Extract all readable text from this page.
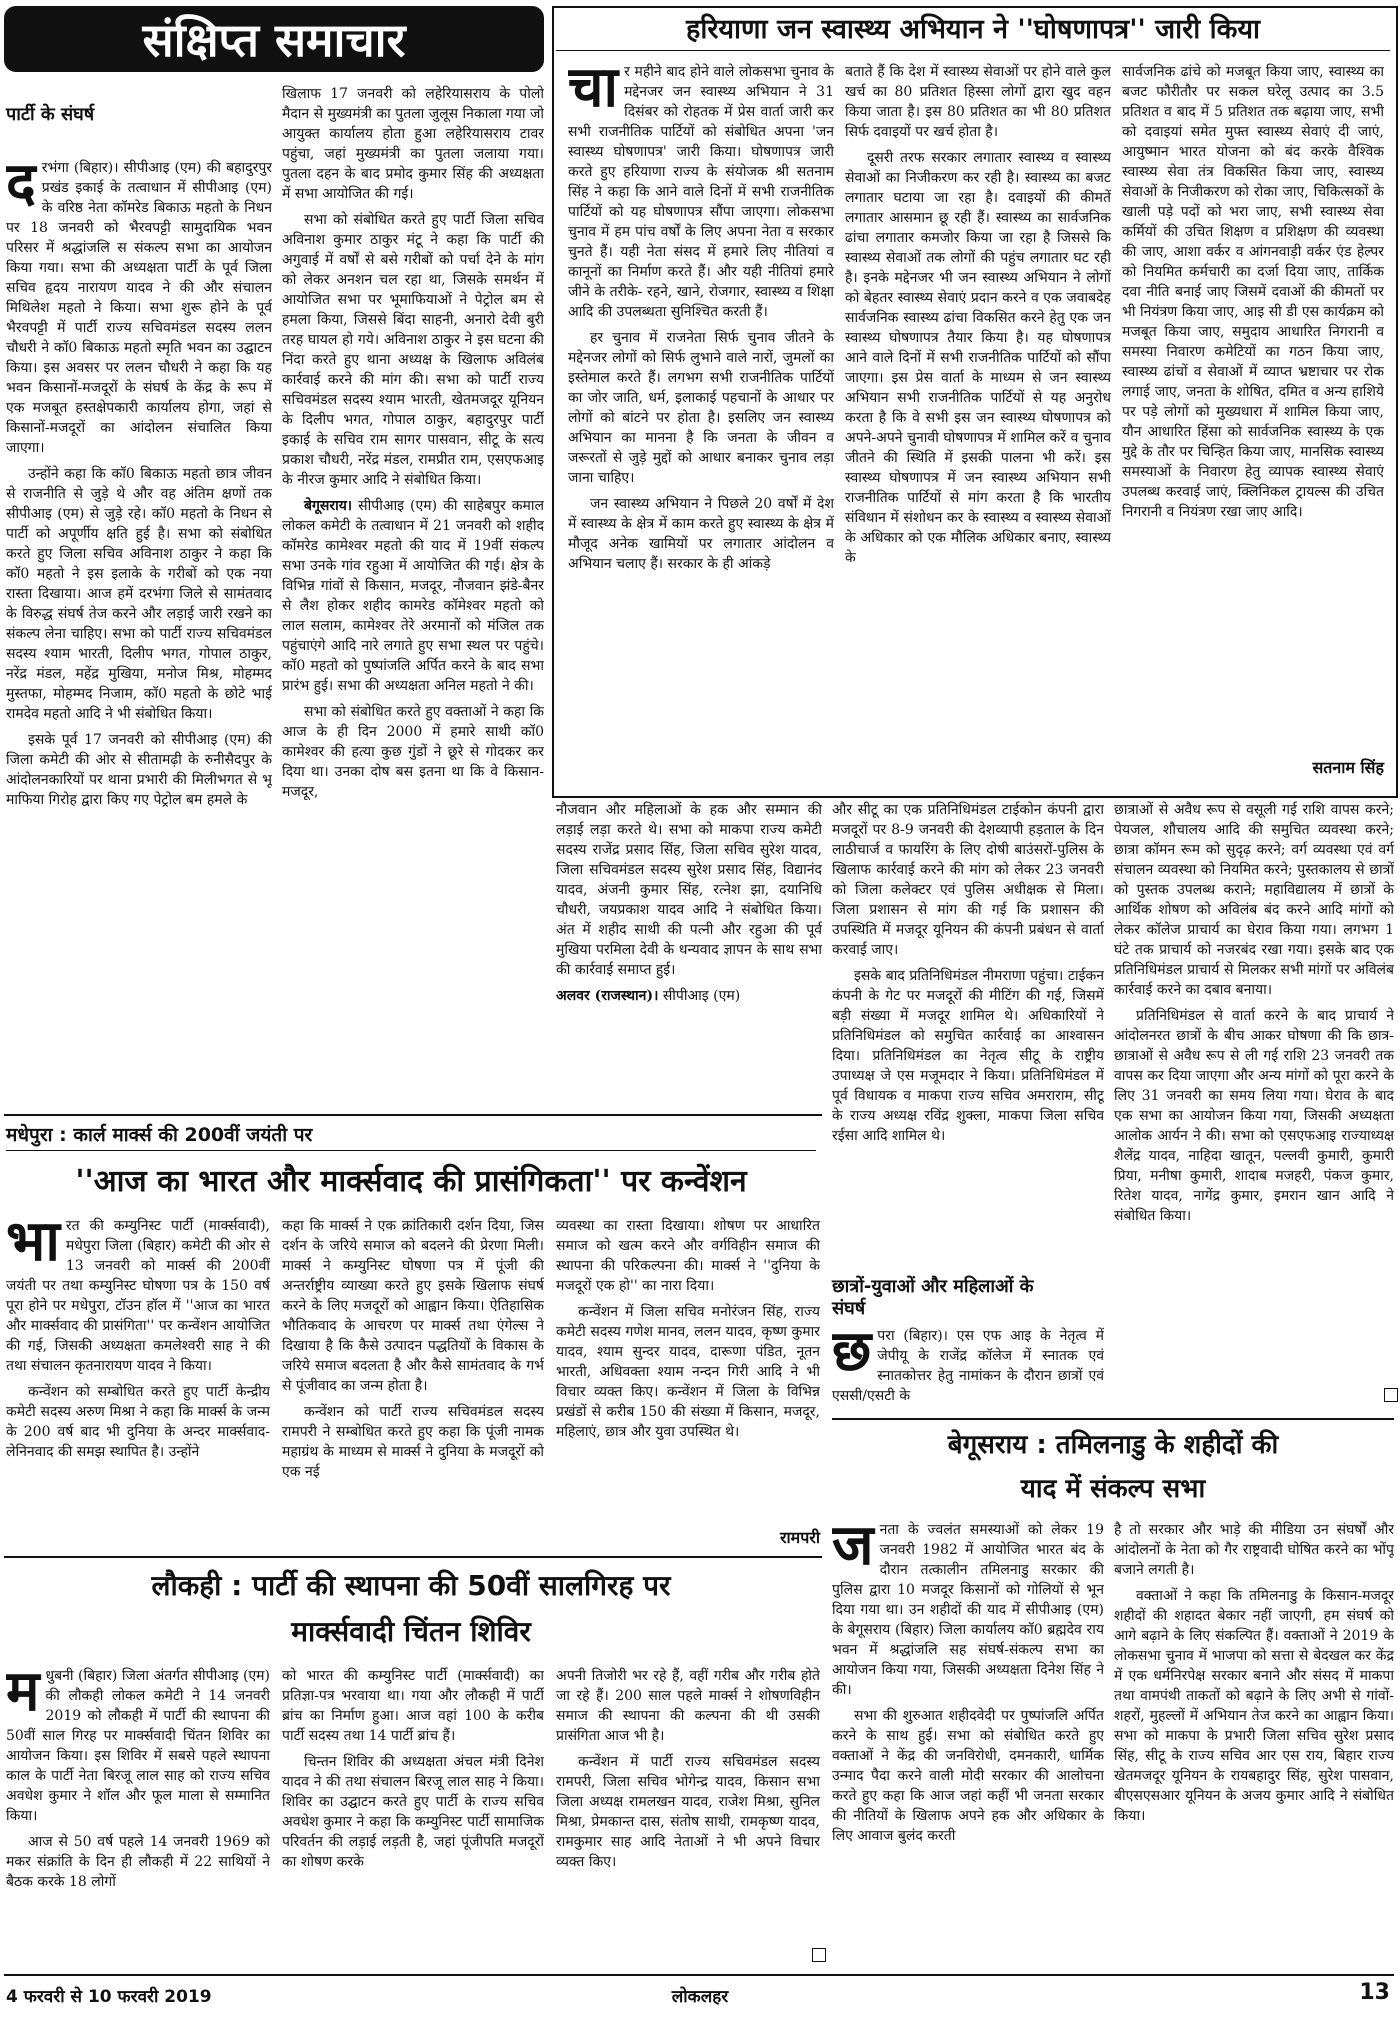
संक्षिप्त समाचार	हरियाणा जन स्वास्थ्य अभियान ने ''घोषणापत्र'' जारी किया

चार महीने बाद होने वाले लोकसभा चुनाव के मद्देनजर जन स्वास्थ्य अभियान ने 31 दिसंबर को रोहतक में प्रेस वार्ता जारी कर सभी राजनीतिक पार्टियों को संबोधित अपना 'जन स्वास्थ्य घोषणापत्र' जारी किया। घोषणापत्र जारी करते हुए हरियाणा राज्य के संयोजक श्री सतनाम सिंह ने कहा कि आने वाले दिनों में सभी राजनीतिक पार्टियों को यह घोषणापत्र सौंपा जाएगा। लोकसभा चुनाव में हम पांच वर्षों के लिए अपना नेता व सरकार चुनते हैं। यही नेता संसद में हमारे लिए नीतियां व कानूनों का निर्माण करते हैं। और यही नीतियां हमारे जीने के तरीके- रहने, खाने, रोजगार, स्वास्थ्य व शिक्षा आदि की उपलब्धता सुनिश्चित करती हैं।

हर चुनाव में राजनेता सिर्फ चुनाव जीतने के मद्देनजर लोगों को सिर्फ लुभाने वाले नारों, जुमलों का इस्तेमाल करते हैं। लगभग सभी राजनीतिक पार्टियों का जोर जाति, धर्म, इलाकाई पहचानों के आधार पर लोगों को बांटने पर होता है। इसलिए जन स्वास्थ्य अभियान का मानना है कि जनता के जीवन व जरूरतों से जुड़े मुद्दों को आधार बनाकर चुनाव लड़ा जाना चाहिए।

जन स्वास्थ्य अभियान ने पिछले 20 वर्षों में देश में स्वास्थ्य के क्षेत्र में काम करते हुए स्वास्थ्य के क्षेत्र में मौजूद अनेक खामियों पर लगातार आंदोलन व अभियान चलाए हैं। सरकार के ही आंकड़े

बताते हैं कि देश में स्वास्थ्य सेवाओं पर होने वाले कुल खर्च का 80 प्रतिशत हिस्सा लोगों द्वारा खुद वहन किया जाता है। इस 80 प्रतिशत का भी 80 प्रतिशत सिर्फ दवाइयों पर खर्च होता है।

दूसरी तरफ सरकार लगातार स्वास्थ्य व स्वास्थ्य सेवाओं का निजीकरण कर रही है। स्वास्थ्य का बजट लगातार घटाया जा रहा है। दवाइयों की कीमतें लगातार आसमान छू रही हैं। स्वास्थ्य का सार्वजनिक ढांचा लगातार कमजोर किया जा रहा है जिससे कि स्वास्थ्य सेवाओं तक लोगों की पहुंच लगातार घट रही है। इनके मद्देनजर भी जन स्वास्थ्य अभियान ने लोगों को बेहतर स्वास्थ्य सेवाएं प्रदान करने व एक जवाबदेह सार्वजनिक स्वास्थ्य ढांचा विकसित करने हेतु एक जन स्वास्थ्य घोषणापत्र तैयार किया है। यह घोषणापत्र आने वाले दिनों में सभी राजनीतिक पार्टियों को सौंपा जाएगा। इस प्रेस वार्ता के माध्यम से जन स्वास्थ्य अभियान सभी राजनीतिक पार्टियों से यह अनुरोध करता है कि वे सभी इस जन स्वास्थ्य घोषणापत्र को अपने-अपने चुनावी घोषणापत्र में शामिल करें व चुनाव जीतने की स्थिति में इसकी पालना भी करें। इस स्वास्थ्य घोषणापत्र में जन स्वास्थ्य अभियान सभी राजनीतिक पार्टियों से मांग करता है कि भारतीय संविधान में संशोधन कर के स्वास्थ्य व स्वास्थ्य सेवाओं के अधिकार को एक मौलिक अधिकार बनाए, स्वास्थ्य के

सार्वजनिक ढांचे को मजबूत किया जाए, स्वास्थ्य का बजट फौरीतौर पर सकल घरेलू उत्पाद का 3.5 प्रतिशत व बाद में 5 प्रतिशत तक बढ़ाया जाए, सभी को दवाइयां समेत मुफ्त स्वास्थ्य सेवाएं दी जाएं, आयुष्मान भारत योजना को बंद करके वैश्विक स्वास्थ्य सेवा तंत्र विकसित किया जाए, स्वास्थ्य सेवाओं के निजीकरण को रोका जाए, चिकित्सकों के खाली पड़े पदों को भरा जाए, सभी स्वास्थ्य सेवा कर्मियों की उचित शिक्षण व प्रशिक्षण की व्यवस्था की जाए, आशा वर्कर व आंगनवाड़ी वर्कर एंड हेल्पर को नियमित कर्मचारी का दर्जा दिया जाए, तार्किक दवा नीति बनाई जाए जिसमें दवाओं की कीमतों पर भी नियंत्रण किया जाए, आइ सी डी एस कार्यक्रम को मजबूत किया जाए, समुदाय आधारित निगरानी व समस्या निवारण कमेटियों का गठन किया जाए, स्वास्थ्य ढांचों व सेवाओं में व्याप्त भ्रष्टाचार पर रोक लगाई जाए, जनता के शोषित, दमित व अन्य हाशिये पर पड़े लोगों को मुख्यधारा में शामिल किया जाए, यौन आधारित हिंसा को सार्वजनिक स्वास्थ्य के एक मुद्दे के तौर पर चिन्हित किया जाए, मानसिक स्वास्थ्य समस्याओं के निवारण हेतु व्यापक स्वास्थ्य सेवाएं उपलब्ध करवाई जाएं, क्लिनिकल ट्रायल्स की उचित निगरानी व नियंत्रण रखा जाए आदि।

सतनाम सिंह
पार्टी के संघर्ष

दरभंगा (बिहार)। सीपीआइ (एम) की बहादुरपुर प्रखंड इकाई के तत्वाधान में सीपीआइ (एम) के वरिष्ठ नेता कॉमरेड बिकाऊ महतो के निधन पर 18 जनवरी को भैरवपट्टी सामुदायिक भवन परिसर में श्रद्धांजलि स संकल्प सभा का आयोजन किया गया। सभा की अध्यक्षता पार्टी के पूर्व जिला सचिव हृदय नारायण यादव ने की और संचालन मिथिलेश महतो ने किया। सभा शुरू होने के पूर्व भैरवपट्टी में पार्टी राज्य सचिवमंडल सदस्य ललन चौधरी ने कॉ0 बिकाऊ महतो स्मृति भवन का उद्घाटन किया। इस अवसर पर ललन चौधरी ने कहा कि यह भवन किसानों-मजदूरों के संघर्ष के केंद्र के रूप में एक मजबूत हस्तक्षेपकारी कार्यालय होगा, जहां से किसानों-मजदूरों का आंदोलन संचालित किया जाएगा।

उन्होंने कहा कि कॉ0 बिकाऊ महतो छात्र जीवन से राजनीति से जुड़े थे और वह अंतिम क्षणों तक सीपीआइ (एम) से जुड़े रहे। कॉ0 महतो के निधन से पार्टी को अपूर्णीय क्षति हुई है। सभा को संबोधित करते हुए जिला सचिव अविनाश ठाकुर ने कहा कि कॉ0 महतो ने इस इलाके के गरीबों को एक नया रास्ता दिखाया। आज हमें दरभंगा जिले से सामंतवाद के विरुद्ध संघर्ष तेज करने और लड़ाई जारी रखने का संकल्प लेना चाहिए। सभा को पार्टी राज्य सचिवमंडल सदस्य श्याम भारती, दिलीप भगत, गोपाल ठाकुर, नरेंद्र मंडल, महेंद्र मुखिया, मनोज मिश्र, मोहम्मद मुस्तफा, मोहम्मद निजाम, कॉ0 महतो के छोटे भाई रामदेव महतो आदि ने भी संबोधित किया।

इसके पूर्व 17 जनवरी को सीपीआइ (एम) की जिला कमेटी की ओर से सीतामढ़ी के रुनीसैदपुर के आंदोलनकारियों पर थाना प्रभारी की मिलीभगत से भू माफिया गिरोह द्वारा किए गए पेट्रोल बम हमले के

खिलाफ 17 जनवरी को लहेरियासराय के पोलो मैदान से मुख्यमंत्री का पुतला जुलूस निकाला गया जो आयुक्त कार्यालय होता हुआ लहेरियासराय टावर पहुंचा, जहां मुख्यमंत्री का पुतला जलाया गया। पुतला दहन के बाद प्रमोद कुमार सिंह की अध्यक्षता में सभा आयोजित की गई।

सभा को संबोधित करते हुए पार्टी जिला सचिव अविनाश कुमार ठाकुर मंटू ने कहा कि पार्टी की अगुवाई में वर्षों से बसे गरीबों को पर्चा देने के मांग को लेकर अनशन चल रहा था, जिसके समर्थन में आयोजित सभा पर भूमाफियाओं ने पेट्रोल बम से हमला किया, जिससे बिंदा साहनी, अनारो देवी बुरी तरह घायल हो गये। अविनाश ठाकुर ने इस घटना की निंदा करते हुए थाना अध्यक्ष के खिलाफ अविलंब कार्रवाई करने की मांग की। सभा को पार्टी राज्य सचिवमंडल सदस्य श्याम भारती, खेतमजदूर यूनियन के दिलीप भगत, गोपाल ठाकुर, बहादुरपुर पार्टी इकाई के सचिव राम सागर पासवान, सीटू के सत्य प्रकाश चौधरी, नरेंद्र मंडल, रामप्रीत राम, एसएफआइ के नीरज कुमार आदि ने संबोधित किया।

बेगूसराय। सीपीआइ (एम) की साहेबपुर कमाल लोकल कमेटी के तत्वाधान में 21 जनवरी को शहीद कॉमरेड कामेश्वर महतो की याद में 19वीं संकल्प सभा उनके गांव रहुआ में आयोजित की गई। क्षेत्र के विभिन्न गांवों से किसान, मजदूर, नौजवान झंडे-बैनर से लैश होकर शहीद कामरेड कॉमेश्वर महतो को लाल सलाम, कामेश्वर तेरे अरमानों को मंजिल तक पहुंचाएंगे आदि नारे लगाते हुए सभा स्थल पर पहुंचे। कॉ0 महतो को पुष्पांजलि अर्पित करने के बाद सभा प्रारंभ हुई। सभा की अध्यक्षता अनिल महतो ने की।

सभा को संबोधित करते हुए वक्ताओं ने कहा कि आज के ही दिन 2000 में हमारे साथी कॉ0 कामेश्वर की हत्या कुछ गुंडों ने छूरे से गोदकर कर दिया था। उनका दोष बस इतना था कि वे किसान-मजदूर,

नौजवान और महिलाओं के हक और सम्मान की लड़ाई लड़ा करते थे। सभा को माकपा राज्य कमेटी सदस्य राजेंद्र प्रसाद सिंह, जिला सचिव सुरेश यादव, जिला सचिवमंडल सदस्य सुरेश प्रसाद सिंह, विद्यानंद यादव, अंजनी कुमार सिंह, रत्नेश झा, दयानिधि चौधरी, जयप्रकाश यादव आदि ने संबोधित किया। अंत में शहीद साथी की पत्नी और रहुआ की पूर्व मुखिया परमिला देवी के धन्यवाद ज्ञापन के साथ सभा की कार्रवाई समाप्त हुई।

अलवर (राजस्थान)। सीपीआइ (एम)

और सीटू का एक प्रतिनिधिमंडल टाईकोन कंपनी द्वारा मजदूरों पर 8-9 जनवरी की देशव्यापी हड़ताल के दिन लाठीचार्ज व फायरिंग के लिए दोषी बाउंसरों-पुलिस के खिलाफ कार्रवाई करने की मांग को लेकर 23 जनवरी को जिला कलेक्टर एवं पुलिस अधीक्षक से मिला। जिला प्रशासन से मांग की गई कि प्रशासन की उपस्थिति में मजदूर यूनियन की कंपनी प्रबंधन से वार्ता करवाई जाए।

इसके बाद प्रतिनिधिमंडल नीमराणा पहुंचा। टाईकन कंपनी के गेट पर मजदूरों की मीटिंग की गई, जिसमें बड़ी संख्या में मजदूर शामिल थे। अधिकारियों ने प्रतिनिधिमंडल को समुचित कार्रवाई का आश्वासन दिया। प्रतिनिधिमंडल का नेतृत्व सीटू के राष्ट्रीय उपाध्यक्ष जे एस मजूमदार ने किया। प्रतिनिधिमंडल में पूर्व विधायक व माकपा राज्य सचिव अमराराम, सीटू के राज्य अध्यक्ष रविंद्र शुक्ला, माकपा जिला सचिव रईसा आदि शामिल थे।

छात्रों-युवाओं और महिलाओं के संघर्ष

छपरा (बिहार)। एस एफ आइ के नेतृत्व में जेपीयू के राजेंद्र कॉलेज में स्नातक एवं स्नातकोत्तर हेतु नामांकन के दौरान छात्रों एवं एससी/एसटी के

छात्राओं से अवैध रूप से वसूली गई राशि वापस करने; पेयजल, शौचालय आदि की समुचित व्यवस्था करने; छात्रा कॉमन रूम को सुदृढ़ करने; वर्ग व्यवस्था एवं वर्ग संचालन व्यवस्था को नियमित करने; पुस्तकालय से छात्रों को पुस्तक उपलब्ध कराने; महाविद्यालय में छात्रों के आर्थिक शोषण को अविलंब बंद करने आदि मांगों को लेकर कॉलेज प्राचार्य का घेराव किया गया। लगभग 1 घंटे तक प्राचार्य को नजरबंद रखा गया। इसके बाद एक प्रतिनिधिमंडल प्राचार्य से मिलकर सभी मांगों पर अविलंब कार्रवाई करने का दबाव बनाया।

प्रतिनिधिमंडल से वार्ता करने के बाद प्राचार्य ने आंदोलनरत छात्रों के बीच आकर घोषणा की कि छात्र-छात्राओं से अवैध रूप से ली गई राशि 23 जनवरी तक वापस कर दिया जाएगा और अन्य मांगों को पूरा करने के लिए 31 जनवरी का समय लिया गया। घेराव के बाद एक सभा का आयोजन किया गया, जिसकी अध्यक्षता आलोक आर्यन ने की। सभा को एसएफआइ राज्याध्यक्ष शैलेंद्र यादव, नाहिदा खातून, पल्लवी कुमारी, कुमारी प्रिया, मनीषा कुमारी, शादाब मजहरी, पंकज कुमार, रितेश यादव, नागेंद्र कुमार, इमरान खान आदि ने संबोधित किया।

मधेपुरा : कार्ल मार्क्स की 200वीं जयंती पर
''आज का भारत और मार्क्सवाद की प्रासंगिकता'' पर कन्वेंशन

भारत की कम्युनिस्ट पार्टी (मार्क्सवादी), मधेपुरा जिला (बिहार) कमेटी की ओर से 13 जनवरी को मार्क्स की 200वीं जयंती पर तथा कम्युनिस्ट घोषणा पत्र के 150 वर्ष पूरा होने पर मधेपुरा, टॉउन हॉल में ''आज का भारत और मार्क्सवाद की प्रासंगिता'' पर कन्वेंशन आयोजित की गई, जिसकी अध्यक्षता कमलेश्वरी साह ने की तथा संचालन कृतनारायण यादव ने किया।

कन्वेंशन को सम्बोधित करते हुए पार्टी केन्द्रीय कमेटी सदस्य अरुण मिश्रा ने कहा कि मार्क्स के जन्म के 200 वर्ष बाद भी दुनिया के अन्दर मार्क्सवाद-लेनिनवाद की समझ स्थापित है। उन्होंने

कहा कि मार्क्स ने एक क्रांतिकारी दर्शन दिया, जिस दर्शन के जरिये समाज को बदलने की प्रेरणा मिली। मार्क्स ने कम्युनिस्ट घोषणा पत्र में पूंजी की अन्तर्राष्ट्रीय व्याख्या करते हुए इसके खिलाफ संघर्ष करने के लिए मजदूरों को आह्वान किया। ऐतिहासिक भौतिकवाद के आचरण पर मार्क्स तथा एंगेल्स ने दिखाया है कि कैसे उत्पादन पद्धतियों के विकास के जरिये समाज बदलता है और कैसे सामंतवाद के गर्भ से पूंजीवाद का जन्म होता है।

कन्वेंशन को पार्टी राज्य सचिवमंडल सदस्य रामपरी ने सम्बोधित करते हुए कहा कि पूंजी नामक महाग्रंथ के माध्यम से मार्क्स ने दुनिया के मजदूरों को एक नई

व्यवस्था का रास्ता दिखाया। शोषण पर आधारित समाज को खत्म करने और वर्गविहीन समाज की स्थापना की परिकल्पना की। मार्क्स ने ''दुनिया के मजदूरों एक हो'' का नारा दिया।

कन्वेंशन में जिला सचिव मनोरंजन सिंह, राज्य कमेटी सदस्य गणेश मानव, ललन यादव, कृष्ण कुमार यादव, श्याम सुन्दर यादव, दारूणा पंडित, नूतन भारती, अधिवक्ता श्याम नन्दन गिरी आदि ने भी विचार व्यक्त किए। कन्वेंशन में जिला के विभिन्न प्रखंडों से करीब 150 की संख्या में किसान, मजदूर, महिलाएं, छात्र और युवा उपस्थित थे।

रामपरी
लौकही : पार्टी की स्थापना की 50वीं सालगिरह पर
मार्क्सवादी चिंतन शिविर

मधुबनी (बिहार) जिला अंतर्गत सीपीआइ (एम) की लौकही लोकल कमेटी ने 14 जनवरी 2019 को लौकही में पार्टी की स्थापना की 50वीं साल गिरह पर मार्क्सवादी चिंतन शिविर का आयोजन किया। इस शिविर में सबसे पहले स्थापना काल के पार्टी नेता बिरजू लाल साह को राज्य सचिव अवधेश कुमार ने शॉल और फूल माला से सम्मानित किया।

आज से 50 वर्ष पहले 14 जनवरी 1969 को मकर संक्रांति के दिन ही लौकही में 22 साथियों ने बैठक करके 18 लोगों

को भारत की कम्युनिस्ट पार्टी (मार्क्सवादी) का प्रतिज्ञा-पत्र भरवाया था। गया और लौकही में पार्टी ब्रांच का निर्माण हुआ। आज वहां 100 के करीब पार्टी सदस्य तथा 14 पार्टी ब्रांच हैं।

चिन्तन शिविर की अध्यक्षता अंचल मंत्री दिनेश यादव ने की तथा संचालन बिरजू लाल साह ने किया। शिविर का उद्घाटन करते हुए पार्टी के राज्य सचिव अवधेश कुमार ने कहा कि कम्युनिस्ट पार्टी सामाजिक परिवर्तन की लड़ाई लड़ती है, जहां पूंजीपति मजदूरों का शोषण करके

अपनी तिजोरी भर रहे हैं, वहीं गरीब और गरीब होते जा रहे हैं। 200 साल पहले मार्क्स ने शोषणविहीन समाज की स्थापना की कल्पना की थी उसकी प्रासंगिता आज भी है।

कन्वेंशन में पार्टी राज्य सचिवमंडल सदस्य रामपरी, जिला सचिव भोगेन्द्र यादव, किसान सभा जिला अध्यक्ष रामलखन यादव, राजेश मिश्रा, सुनिल मिश्रा, प्रेमकान्त दास, संतोष साथी, रामकृष्ण यादव, रामकुमार साह आदि नेताओं ने भी अपने विचार व्यक्त किए।

बेगूसराय : तमिलनाडु के शहीदों की
याद में संकल्प सभा

जनता के ज्वलंत समस्याओं को लेकर 19 जनवरी 1982 में आयोजित भारत बंद के दौरान तत्कालीन तमिलनाडु सरकार की पुलिस द्वारा 10 मजदूर किसानों को गोलियों से भून दिया गया था। उन शहीदों की याद में सीपीआइ (एम) के बेगूसराय (बिहार) जिला कार्यालय कॉ0 ब्रह्मदेव राय भवन में श्रद्धांजलि सह संघर्ष-संकल्प सभा का आयोजन किया गया, जिसकी अध्यक्षता दिनेश सिंह ने की।

सभा की शुरुआत शहीदवेदी पर पुष्पांजलि अर्पित करने के साथ हुई। सभा को संबोधित करते हुए वक्ताओं ने केंद्र की जनविरोधी, दमनकारी, धार्मिक उन्माद पैदा करने वाली मोदी सरकार की आलोचना करते हुए कहा कि आज जहां कहीं भी जनता सरकार की नीतियों के खिलाफ अपने हक और अधिकार के लिए आवाज बुलंद करती

है तो सरकार और भाड़े की मीडिया उन संघर्षों और आंदोलनों के नेता को गैर राष्ट्रवादी घोषित करने का भोंपू बजाने लगती है।

वक्ताओं ने कहा कि तमिलनाडु के किसान-मजदूर शहीदों की शहादत बेकार नहीं जाएगी, हम संघर्ष को आगे बढ़ाने के लिए संकल्पित हैं। वक्ताओं ने 2019 के लोकसभा चुनाव में भाजपा को सत्ता से बेदखल कर केंद्र में एक धर्मनिरपेक्ष सरकार बनाने और संसद में माकपा तथा वामपंथी ताकतों को बढ़ाने के लिए अभी से गांवों-शहरों, मुहल्लों में अभियान तेज करने का आह्वान किया। सभा को माकपा के प्रभारी जिला सचिव सुरेश प्रसाद सिंह, सीटू के राज्य सचिव आर एस राय, बिहार राज्य खेतमजदूर यूनियन के रायबहादुर सिंह, सुरेश पासवान, बीएसएसआर यूनियन के अजय कुमार आदि ने संबोधित किया।

4 फरवरी से 10 फरवरी 2019	लोकलहर	13
